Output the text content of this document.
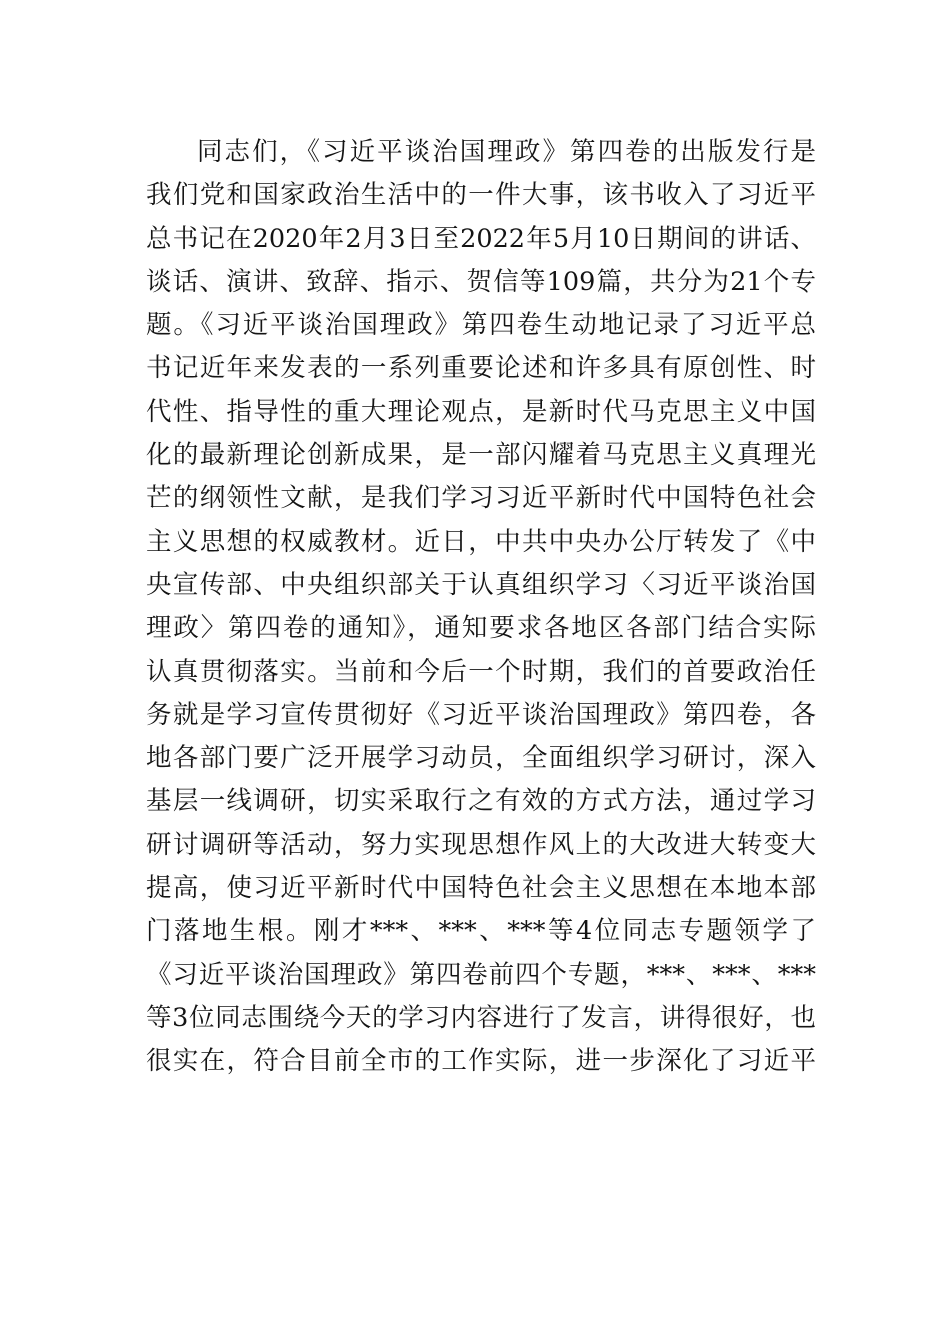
同志们，《习近平谈治国理政》第四卷的出版发行是
我们党和国家政治生活中的一件大事，该书收入了习近平
总书记在2020年2月3日至2022年5月10日期间的讲话、
谈话、演讲、致辞、指示、贺信等109篇，共分为21个专
题。《习近平谈治国理政》第四卷生动地记录了习近平总
书记近年来发表的一系列重要论述和许多具有原创性、时
代性、指导性的重大理论观点，是新时代马克思主义中国
化的最新理论创新成果，是一部闪耀着马克思主义真理光
芒的纲领性文献，是我们学习习近平新时代中国特色社会
主义思想的权威教材。近日，中共中央办公厅转发了《中
央宣传部、中央组织部关于认真组织学习〈习近平谈治国
理政〉第四卷的通知》，通知要求各地区各部门结合实际
认真贯彻落实。当前和今后一个时期，我们的首要政治任
务就是学习宣传贯彻好《习近平谈治国理政》第四卷，各
地各部门要广泛开展学习动员，全面组织学习研讨，深入
基层一线调研，切实采取行之有效的方式方法，通过学习
研讨调研等活动，努力实现思想作风上的大改进大转变大
提高，使习近平新时代中国特色社会主义思想在本地本部
门落地生根。刚才***、***、***等4位同志专题领学了
《习近平谈治国理政》第四卷前四个专题，***、***、***
等3位同志围绕今天的学习内容进行了发言，讲得很好，也
很实在，符合目前全市的工作实际，进一步深化了习近平
